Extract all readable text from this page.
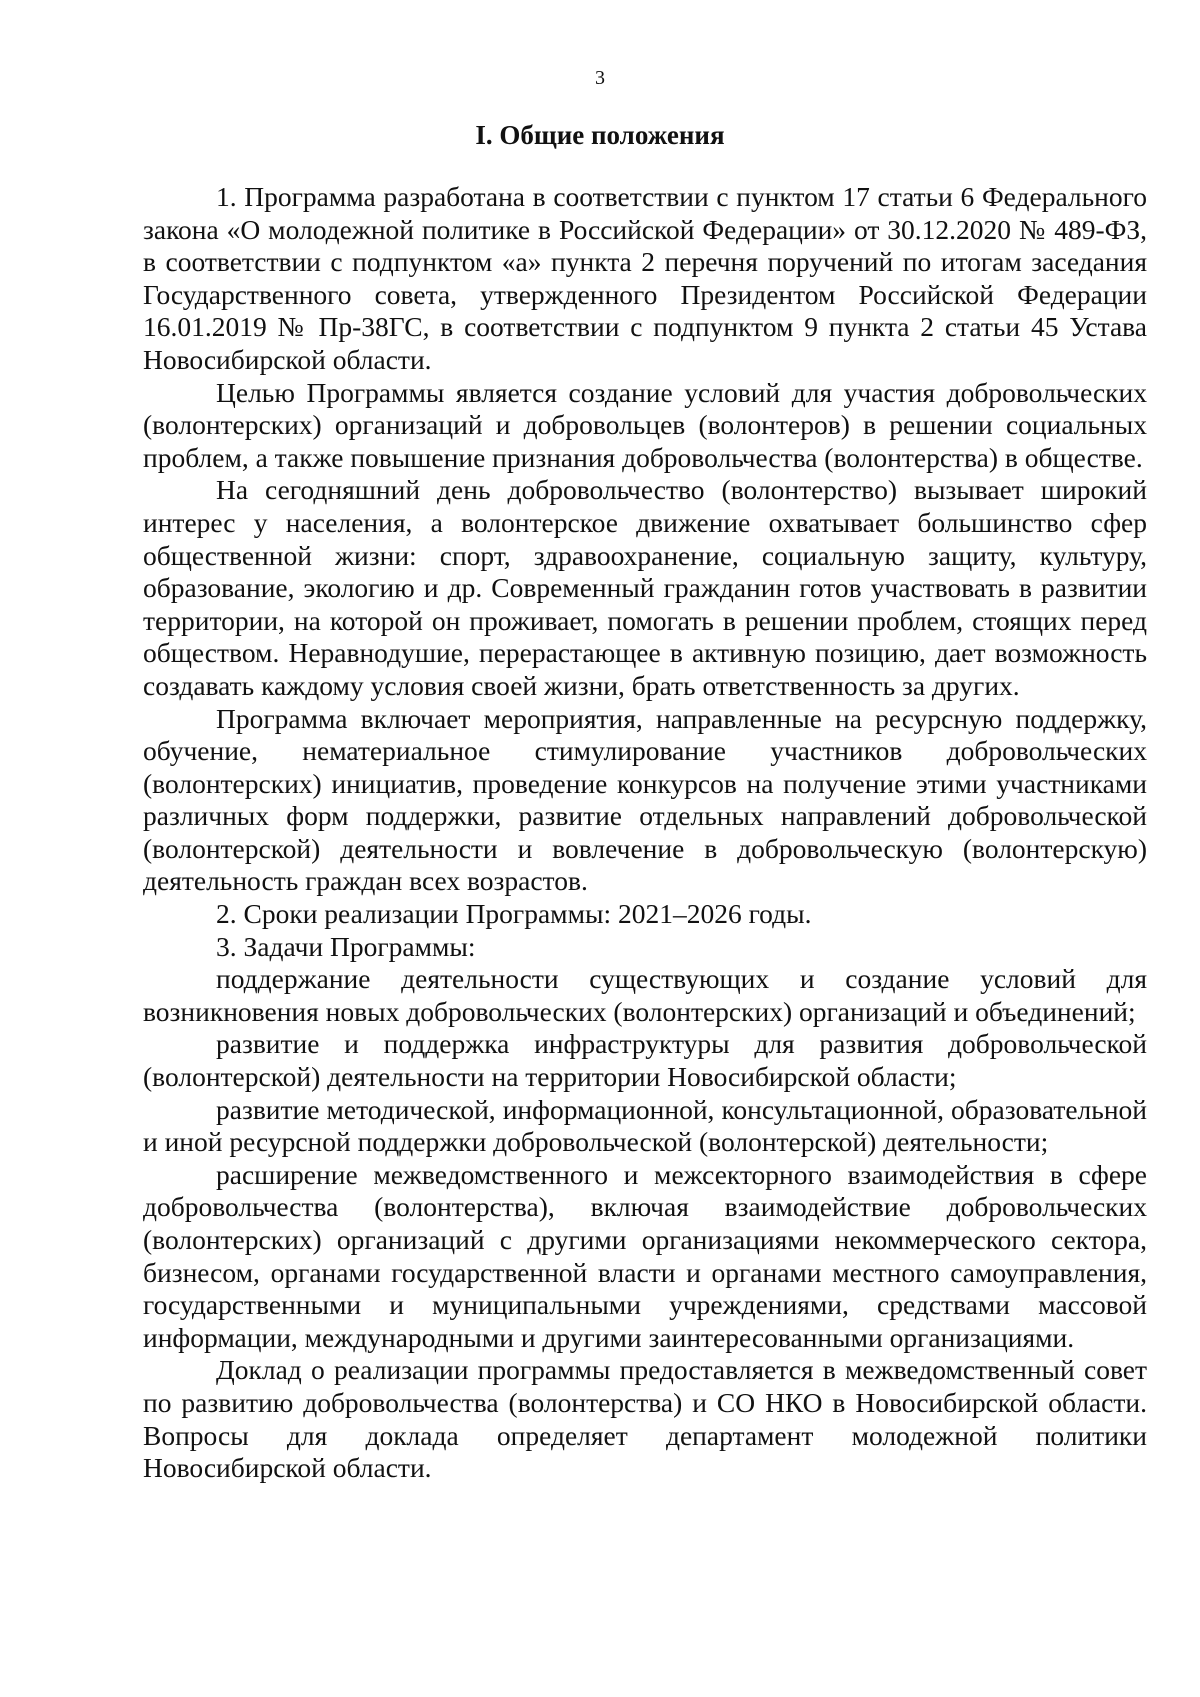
3
I. Общие положения

1. Программа разработана в соответствии с пунктом 17 статьи 6 Федерального закона «О молодежной политике в Российской Федерации» от 30.12.2020 № 489-ФЗ, в соответствии с подпунктом «а» пункта 2 перечня поручений по итогам заседания Государственного совета, утвержденного Президентом Российской Федерации 16.01.2019 № Пр-38ГС, в соответствии с подпунктом 9 пункта 2 статьи 45 Устава Новосибирской области.

Целью Программы является создание условий для участия добровольческих (волонтерских) организаций и добровольцев (волонтеров) в решении социальных проблем, а также повышение признания добровольчества (волонтерства) в обществе.

На сегодняшний день добровольчество (волонтерство) вызывает широкий интерес у населения, а волонтерское движение охватывает большинство сфер общественной жизни: спорт, здравоохранение, социальную защиту, культуру, образование, экологию и др. Современный гражданин готов участвовать в развитии территории, на которой он проживает, помогать в решении проблем, стоящих перед обществом. Неравнодушие, перерастающее в активную позицию, дает возможность создавать каждому условия своей жизни, брать ответственность за других.

Программа включает мероприятия, направленные на ресурсную поддержку, обучение, нематериальное стимулирование участников добровольческих (волонтерских) инициатив, проведение конкурсов на получение этими участниками различных форм поддержки, развитие отдельных направлений добровольческой (волонтерской) деятельности и вовлечение в добровольческую (волонтерскую) деятельность граждан всех возрастов.

2. Сроки реализации Программы: 2021–2026 годы.

3. Задачи Программы:

поддержание деятельности существующих и создание условий для возникновения новых добровольческих (волонтерских) организаций и объединений;

развитие и поддержка инфраструктуры для развития добровольческой (волонтерской) деятельности на территории Новосибирской области;

развитие методической, информационной, консультационной, образовательной и иной ресурсной поддержки добровольческой (волонтерской) деятельности;

расширение межведомственного и межсекторного взаимодействия в сфере добровольчества (волонтерства), включая взаимодействие добровольческих (волонтерских) организаций с другими организациями некоммерческого сектора, бизнесом, органами государственной власти и органами местного самоуправления, государственными и муниципальными учреждениями, средствами массовой информации, международными и другими заинтересованными организациями.

Доклад о реализации программы предоставляется в межведомственный совет по развитию добровольчества (волонтерства) и СО НКО в Новосибирской области. Вопросы для доклада определяет департамент молодежной политики Новосибирской области.
